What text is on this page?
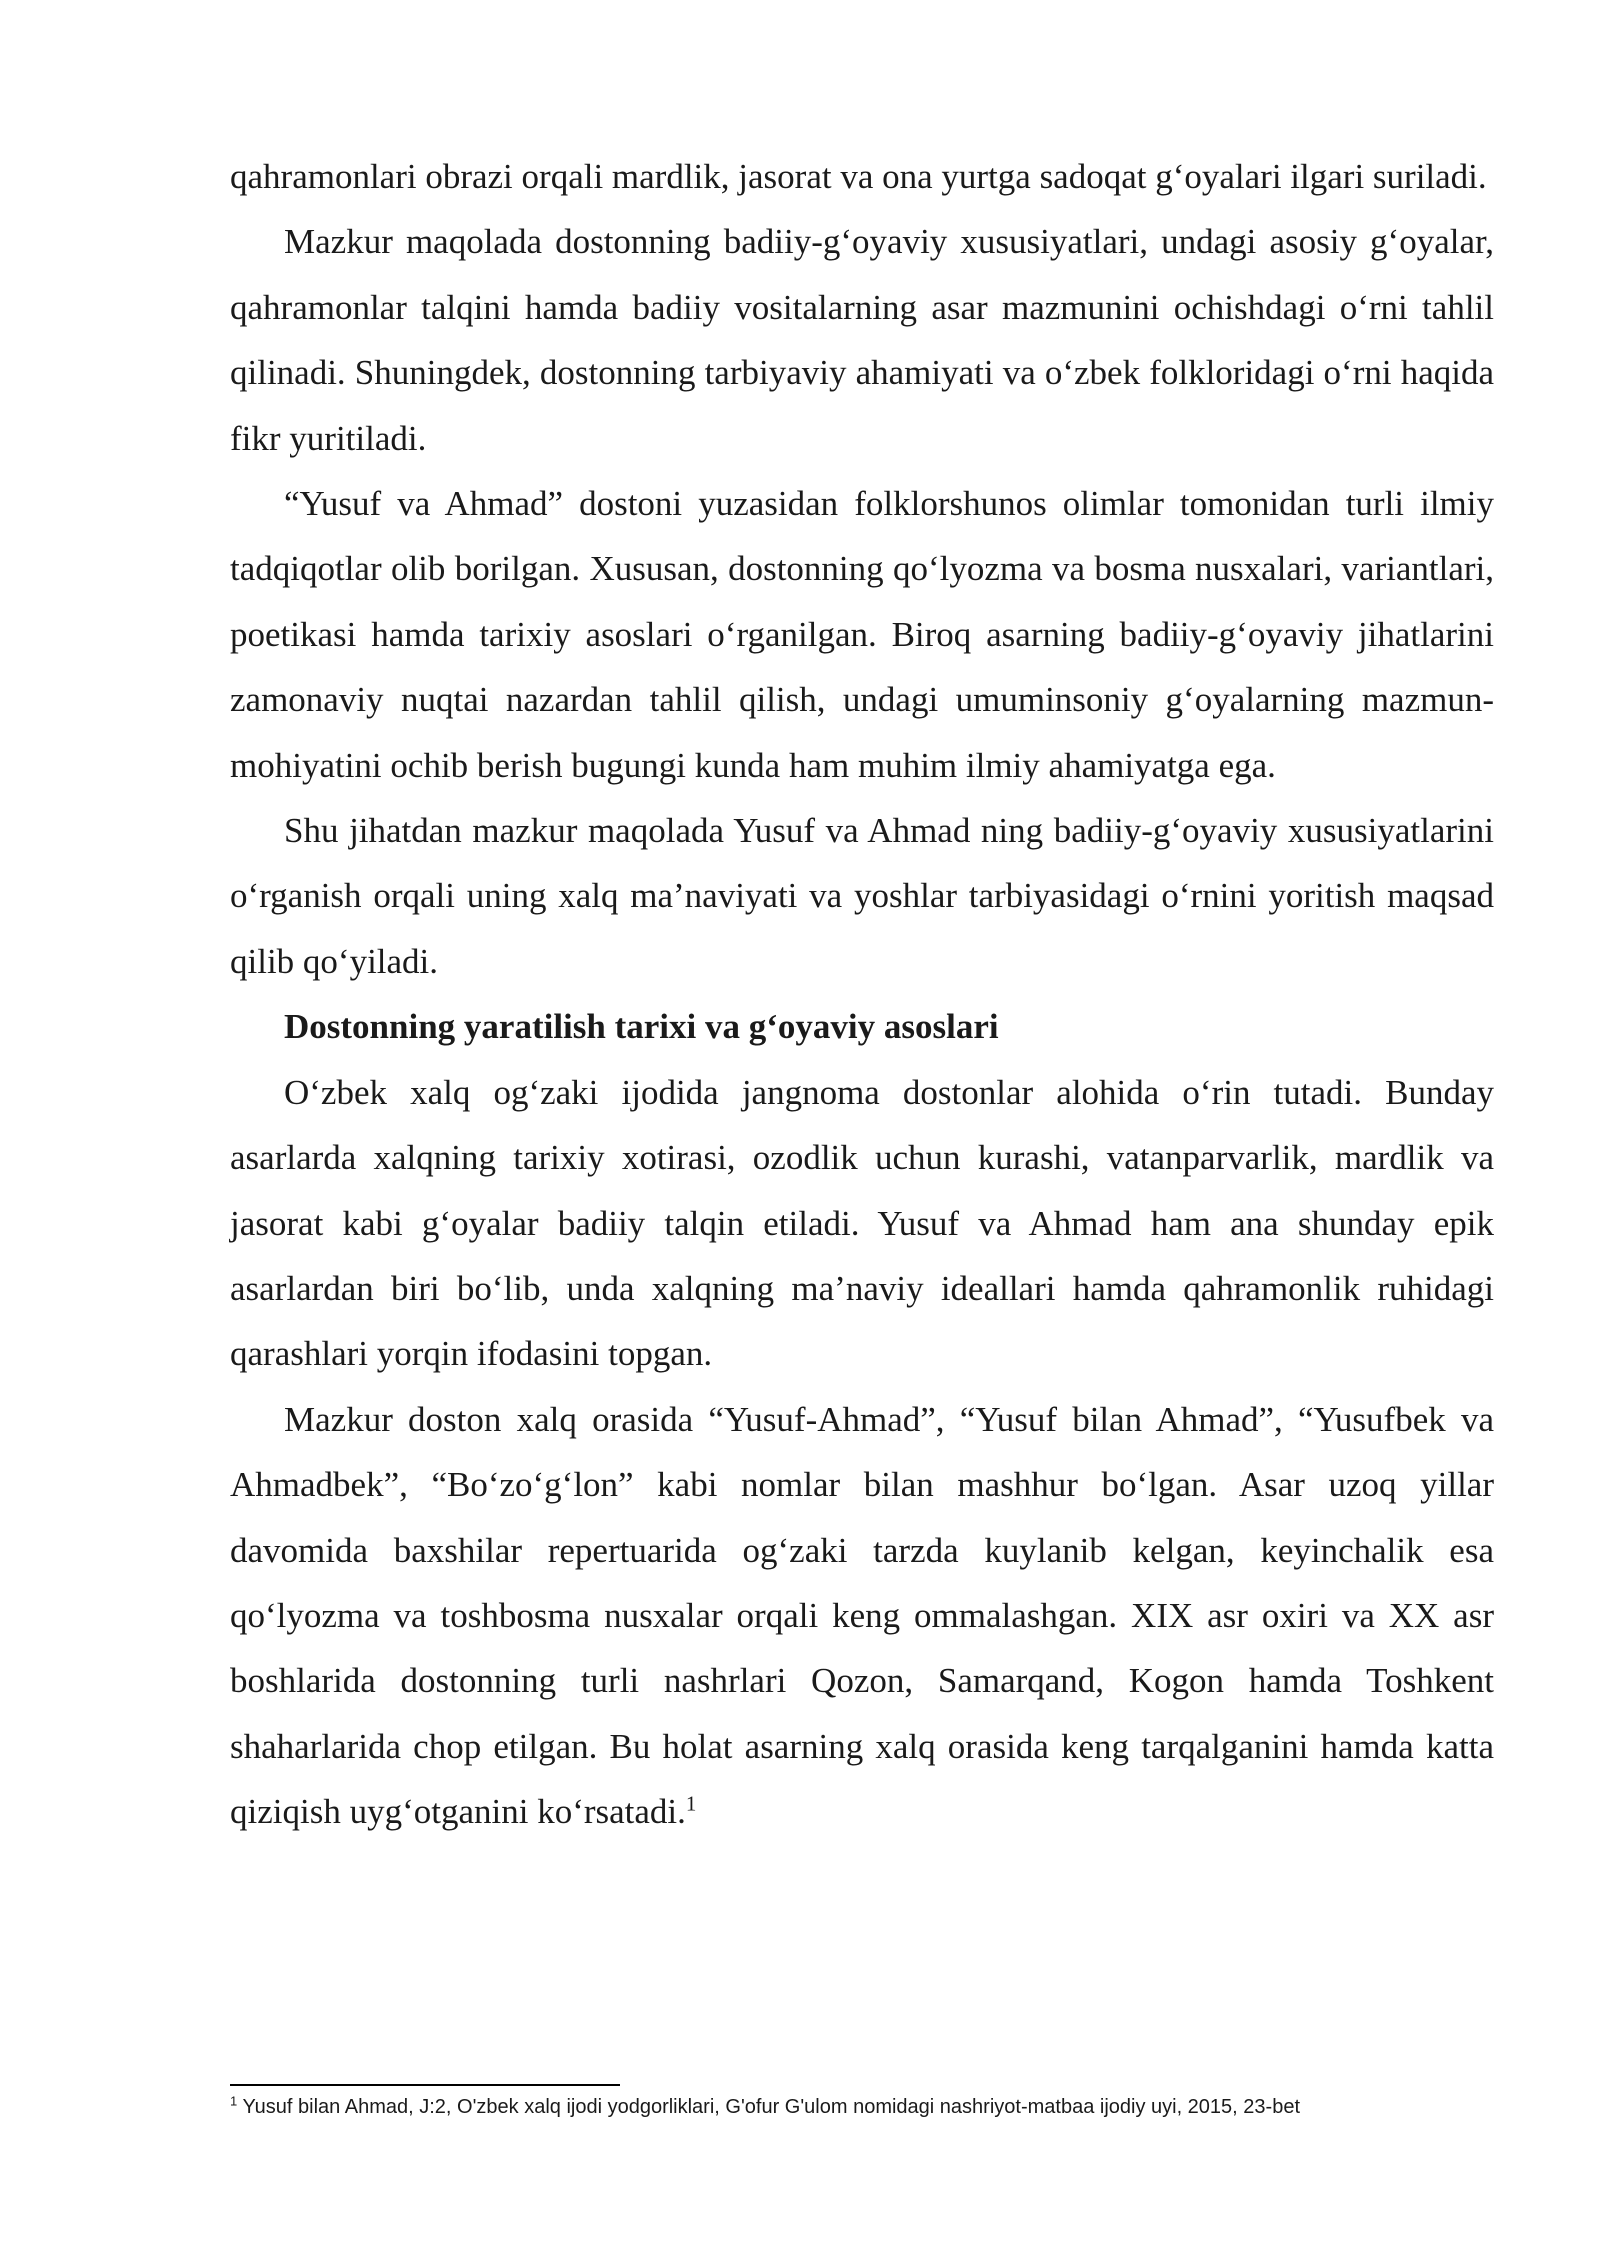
qahramonlari obrazi orqali mardlik, jasorat va ona yurtga sadoqat g‘oyalari ilgari suriladi.

Mazkur maqolada dostonning badiiy-g‘oyaviy xususiyatlari, undagi asosiy g‘oyalar, qahramonlar talqini hamda badiiy vositalarning asar mazmunini ochishdagi o‘rni tahlil qilinadi. Shuningdek, dostonning tarbiyaviy ahamiyati va o‘zbek folkloridagi o‘rni haqida fikr yuritiladi.

“Yusuf va Ahmad” dostoni yuzasidan folklorshunos olimlar tomonidan turli ilmiy tadqiqotlar olib borilgan. Xususan, dostonning qo‘lyozma va bosma nusxalari, variantlari, poetikasi hamda tarixiy asoslari o‘rganilgan. Biroq asarning badiiy-g‘oyaviy jihatlarini zamonaviy nuqtai nazardan tahlil qilish, undagi umuminsoniy g‘oyalarning mazmun-mohiyatini ochib berish bugungi kunda ham muhim ilmiy ahamiyatga ega.

Shu jihatdan mazkur maqolada Yusuf va Ahmad ning badiiy-g‘oyaviy xususiyatlarini o‘rganish orqali uning xalq ma’naviyati va yoshlar tarbiyasidagi o‘rnini yoritish maqsad qilib qo‘yiladi.

Dostonning yaratilish tarixi va g‘oyaviy asoslari

O‘zbek xalq og‘zaki ijodida jangnoma dostonlar alohida o‘rin tutadi. Bunday asarlarda xalqning tarixiy xotirasi, ozodlik uchun kurashi, vatanparvarlik, mardlik va jasorat kabi g‘oyalar badiiy talqin etiladi. Yusuf va Ahmad ham ana shunday epik asarlardan biri bo‘lib, unda xalqning ma’naviy ideallari hamda qahramonlik ruhidagi qarashlari yorqin ifodasini topgan.

Mazkur doston xalq orasida “Yusuf-Ahmad”, “Yusuf bilan Ahmad”, “Yusufbek va Ahmadbek”, “Bo‘zo‘g‘lon” kabi nomlar bilan mashhur bo‘lgan. Asar uzoq yillar davomida baxshilar repertuarida og‘zaki tarzda kuylanib kelgan, keyinchalik esa qo‘lyozma va toshbosma nusxalar orqali keng ommalashgan. XIX asr oxiri va XX asr boshlarida dostonning turli nashrlari Qozon, Samarqand, Kogon hamda Toshkent shaharlarida chop etilgan. Bu holat asarning xalq orasida keng tarqalganini hamda katta qiziqish uyg‘otganini ko‘rsatadi.$^1$

$^1$ Yusuf bilan Ahmad, J:2, O'zbek xalq ijodi yodgorliklari, G'ofur G'ulom nomidagi nashriyot-matbaa ijodiy uyi, 2015, 23-bet
